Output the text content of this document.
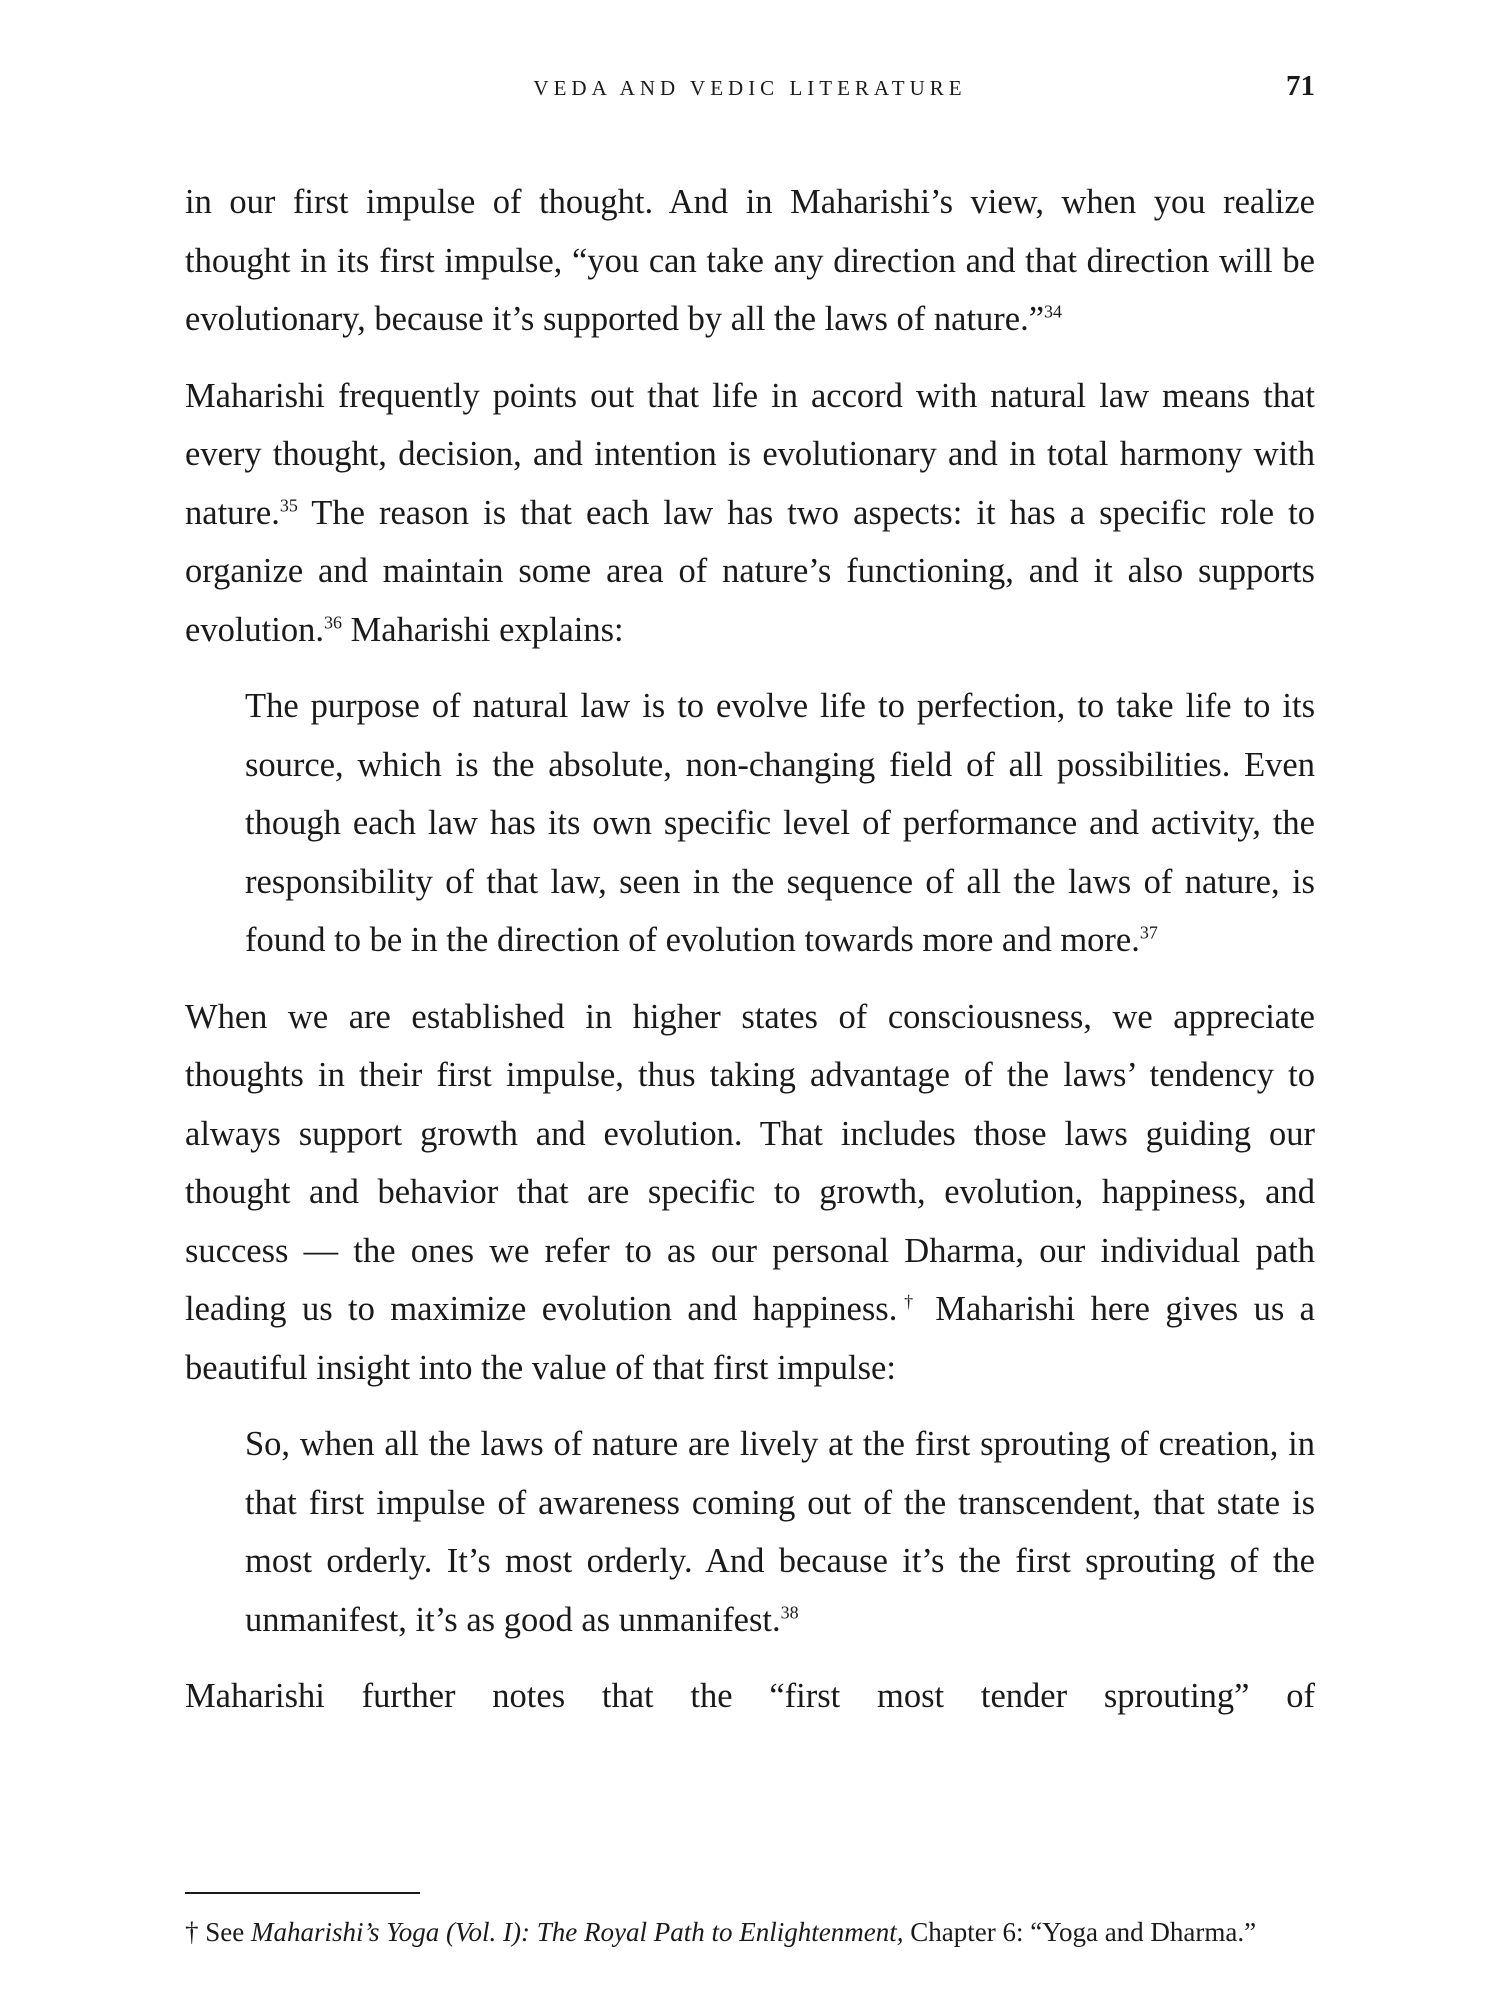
VEDA AND VEDIC LITERATURE	71

in our first impulse of thought. And in Maharishi’s view, when you realize thought in its first impulse, “you can take any direction and that direction will be evolutionary, because it’s supported by all the laws of nature.”$^{34}$

Maharishi frequently points out that life in accord with natural law means that every thought, decision, and intention is evolutionary and in total harmony with nature.$^{35}$ The reason is that each law has two aspects: it has a specific role to organize and maintain some area of nature’s functioning, and it also supports evolution.$^{36}$ Maharishi explains:

The purpose of natural law is to evolve life to perfection, to take life to its source, which is the absolute, non-changing field of all possibilities. Even though each law has its own specific level of performance and activity, the responsibility of that law, seen in the sequence of all the laws of nature, is found to be in the direction of evolution towards more and more.$^{37}$

When we are established in higher states of consciousness, we appreciate thoughts in their first impulse, thus taking advantage of the laws’ tendency to always support growth and evolution. That includes those laws guiding our thought and behavior that are specific to growth, evolution, happiness, and success — the ones we refer to as our personal Dharma, our individual path leading us to maximize evolution and happiness.† Maharishi here gives us a beautiful insight into the value of that first impulse:

So, when all the laws of nature are lively at the first sprouting of creation, in that first impulse of awareness coming out of the transcendent, that state is most orderly. It’s most orderly. And because it’s the first sprouting of the unmanifest, it’s as good as unmanifest.$^{38}$

Maharishi further notes that the “first most tender sprouting” of

† See Maharishi’s Yoga (Vol. I): The Royal Path to Enlightenment, Chapter 6: “Yoga and Dharma.”
